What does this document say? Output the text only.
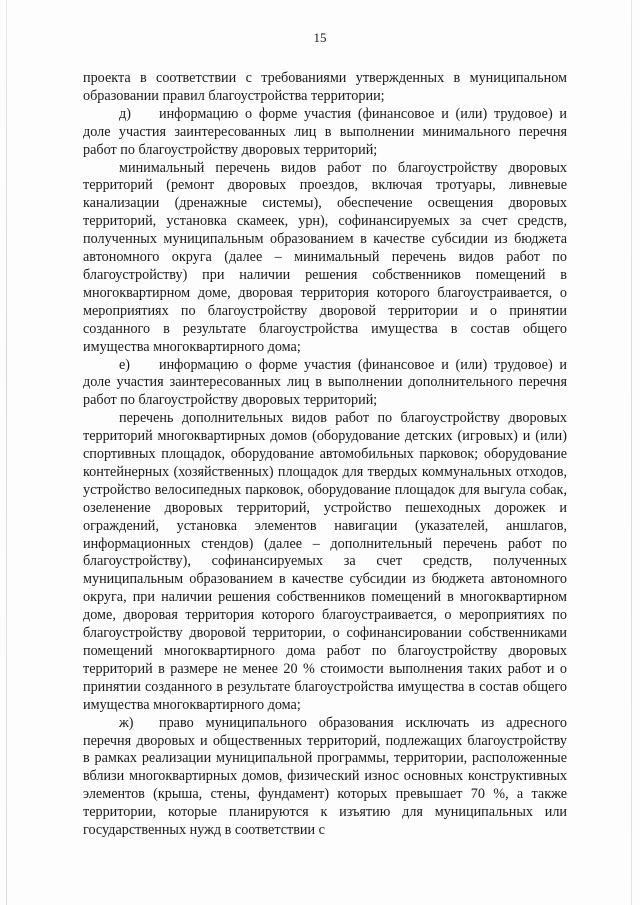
15

проекта в соответствии с требованиями утвержденных в муниципальном образовании правил благоустройства территории;

д) информацию о форме участия (финансовое и (или) трудовое) и доле участия заинтересованных лиц в выполнении минимального перечня работ по благоустройству дворовых территорий;

минимальный перечень видов работ по благоустройству дворовых территорий (ремонт дворовых проездов, включая тротуары, ливневые канализации (дренажные системы), обеспечение освещения дворовых территорий, установка скамеек, урн), софинансируемых за счет средств, полученных муниципальным образованием в качестве субсидии из бюджета автономного округа (далее – минимальный перечень видов работ по благоустройству) при наличии решения собственников помещений в многоквартирном доме, дворовая территория которого благоустраивается, о мероприятиях по благоустройству дворовой территории и о принятии созданного в результате благоустройства имущества в состав общего имущества многоквартирного дома;

е) информацию о форме участия (финансовое и (или) трудовое) и доле участия заинтересованных лиц в выполнении дополнительного перечня работ по благоустройству дворовых территорий;

перечень дополнительных видов работ по благоустройству дворовых территорий многоквартирных домов (оборудование детских (игровых) и (или) спортивных площадок, оборудование автомобильных парковок; оборудование контейнерных (хозяйственных) площадок для твердых коммунальных отходов, устройство велосипедных парковок, оборудование площадок для выгула собак, озеленение дворовых территорий, устройство пешеходных дорожек и ограждений, установка элементов навигации (указателей, аншлагов, информационных стендов) (далее – дополнительный перечень работ по благоустройству), софинансируемых за счет средств, полученных муниципальным образованием в качестве субсидии из бюджета автономного округа, при наличии решения собственников помещений в многоквартирном доме, дворовая территория которого благоустраивается, о мероприятиях по благоустройству дворовой территории, о софинансировании собственниками помещений многоквартирного дома работ по благоустройству дворовых территорий в размере не менее 20 % стоимости выполнения таких работ и о принятии созданного в результате благоустройства имущества в состав общего имущества многоквартирного дома;

ж) право муниципального образования исключать из адресного перечня дворовых и общественных территорий, подлежащих благоустройству в рамках реализации муниципальной программы, территории, расположенные вблизи многоквартирных домов, физический износ основных конструктивных элементов (крыша, стены, фундамент) которых превышает 70 %, а также территории, которые планируются к изъятию для муниципальных или государственных нужд в соответствии с
